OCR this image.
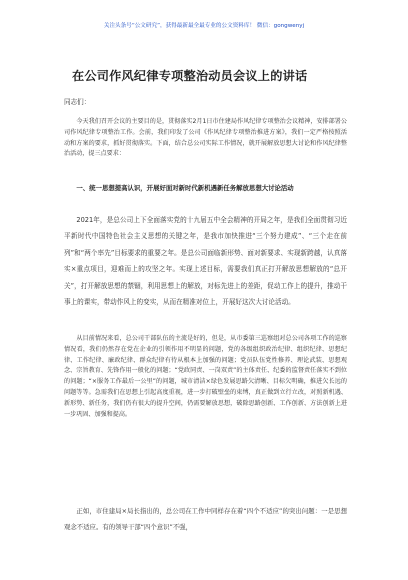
关注头条号“公文研究”，获得最新最全最专业的公文资料库！ 微信：gongwenyj
在公司作风纪律专项整治动员会议上的讲话
同志们：
今天我们召开会议的主要目的是，贯彻落实2月1日市住建局作风纪律专项整治会议精神，安排部署公司作风纪律专项整治工作。会前，我们印发了公司《作风纪律专项整治推进方案》，我们一定严格按照活动和方案的要求，抓好贯彻落实。下面，结合总公司实际工作情况，就开展解放思想大讨论和作风纪律整治活动，提三点要求：
一、统一思想提高认识，开展好面对新时代新机遇新任务解放思想大讨论活动
2021年，是总公司上下全面落实党的十九届五中全会精神的开局之年，是我们全面贯彻习近平新时代中国特色社会主义思想的关键之年，是我市加快推进“三个努力建成”、“三个走在前列”和“两个率先”目标要求的重要之年。是总公司面临新形势、面对新要求、实现新跨越，认真落实×重点项目，迎难而上的攻坚之年。实现上述目标，需要我们真正打开解放思想解放的“总开关”，打开解放思想的禁锢，利用思想上的解放，对标先进上的差距，促动工作上的提升，推动干事上的课实，带动作风上的变实，从而在精准对位上，开展好这次大讨论活动。
从目前情况来看，总公司干部队伍的主流是好的，但是，从市委第三巡察组对总公司各项工作的巡察情况看，我们仍然存在党在企业的引领作用不明显的问题，党的各级组织政治纪律、组织纪律、思想纪律、工作纪律、廉政纪律、群众纪律有待从根本上加强的问题；党员队伍党性修养、理论武装、思想观念、宗旨教育、先锋作用一般化的问题；“党政同责、一岗双责”的主体责任、纪委的监督责任落实不到位的问题；“×服务工作最后一公里”的问题，城市清洁×绿色发展思路欠清晰、目标欠明确，推进欠长远的问题等等。急需我们在思想上引起高度重视，进一步打破壁垒的束缚，真正做到立行立改，对照新机遇、新形势、新任务，我们仍有很大的提升空间，仍需要解放思想，破除思路创新、工作创新、方法创新上进一步巩固、加强和提高。
正如，市住建局×局长指出的，总公司在工作中同样存在着“四个不适应”的突出问题：一是思想观念不适应。有的领导干部“四个意识”不强，
